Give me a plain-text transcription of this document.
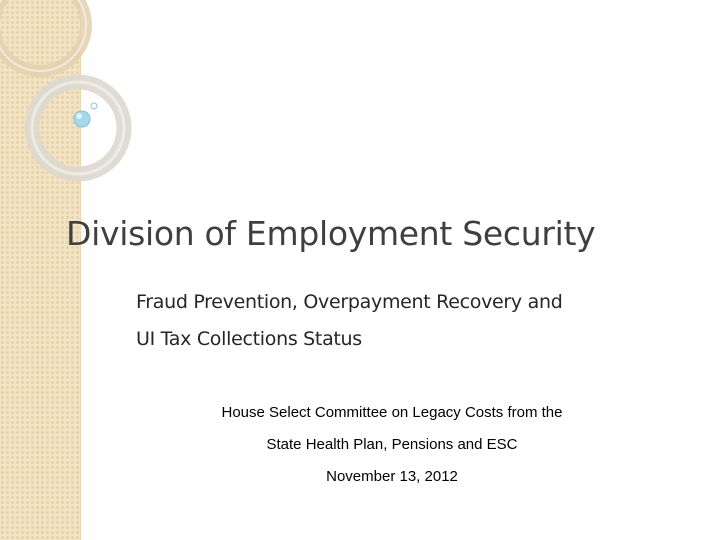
Division of Employment Security
Fraud Prevention, Overpayment Recovery and
UI Tax Collections Status
House Select Committee on Legacy Costs from the
State Health Plan, Pensions and ESC
November 13, 2012
